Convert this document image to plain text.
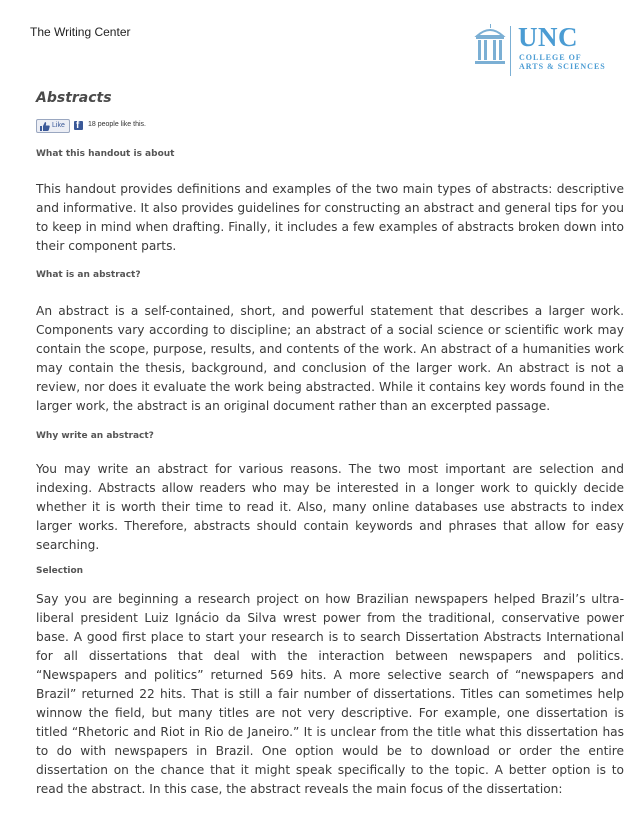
The Writing Center	UNC
COLLEGE OF
ARTS & SCIENCES
Abstracts
Like f 18 people like this.
What this handout is about

This handout provides definitions and examples of the two main types of abstracts: descriptive and informative. It also provides guidelines for constructing an abstract and general tips for you to keep in mind when drafting. Finally, it includes a few examples of abstracts broken down into their component parts.

What is an abstract?

An abstract is a self-contained, short, and powerful statement that describes a larger work. Components vary according to discipline; an abstract of a social science or scientific work may contain the scope, purpose, results, and contents of the work. An abstract of a humanities work may contain the thesis, background, and conclusion of the larger work. An abstract is not a review, nor does it evaluate the work being abstracted. While it contains key words found in the larger work, the abstract is an original document rather than an excerpted passage.

Why write an abstract?

You may write an abstract for various reasons. The two most important are selection and indexing. Abstracts allow readers who may be interested in a longer work to quickly decide whether it is worth their time to read it. Also, many online databases use abstracts to index larger works. Therefore, abstracts should contain keywords and phrases that allow for easy searching.

Selection

Say you are beginning a research project on how Brazilian newspapers helped Brazil’s ultra-liberal president Luiz Ignácio da Silva wrest power from the traditional, conservative power base. A good first place to start your research is to search Dissertation Abstracts International for all dissertations that deal with the interaction between newspapers and politics. “Newspapers and politics” returned 569 hits. A more selective search of “newspapers and Brazil” returned 22 hits. That is still a fair number of dissertations. Titles can sometimes help winnow the field, but many titles are not very descriptive. For example, one dissertation is titled “Rhetoric and Riot in Rio de Janeiro.” It is unclear from the title what this dissertation has to do with newspapers in Brazil. One option would be to download or order the entire dissertation on the chance that it might speak specifically to the topic. A better option is to read the abstract. In this case, the abstract reveals the main focus of the dissertation:
